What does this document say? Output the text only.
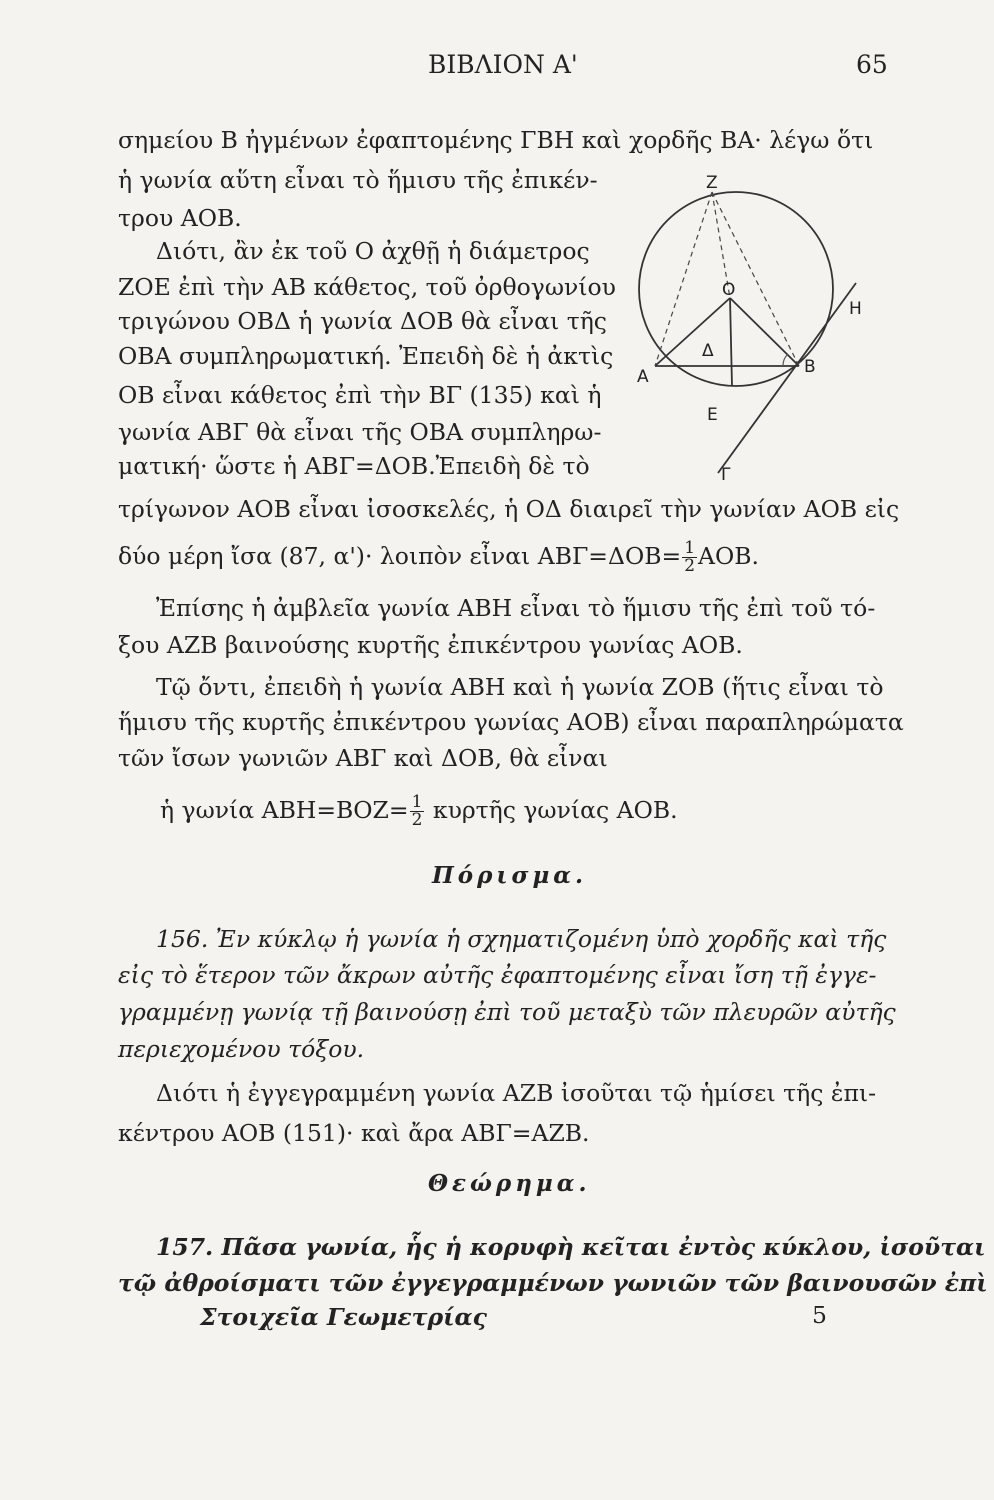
ΒΙΒΛΙΟΝ Α'	65
σημείου Β ἠγμένων ἐφαπτομένης ΓΒΗ καὶ χορδῆς ΒΑ· λέγω ὅτι
ἡ γωνία αὕτη εἶναι τὸ ἥμισυ τῆς ἐπικέν-
τρου ΑΟΒ.
Διότι, ἂν ἐκ τοῦ Ο ἀχθῇ ἡ διάμετρος
ΖΟΕ ἐπὶ τὴν ΑΒ κάθετος, τοῦ ὀρθογωνίου
τριγώνου ΟΒΔ ἡ γωνία ΔΟΒ θὰ εἶναι τῆς
ΟΒΑ συμπληρωματική. Ἐπειδὴ δὲ ἡ ἀκτὶς
ΟΒ εἶναι κάθετος ἐπὶ τὴν ΒΓ (135) καὶ ἡ
γωνία ΑΒΓ θὰ εἶναι τῆς ΟΒΑ συμπληρω-
ματική· ὥστε ἡ ΑΒΓ=ΔΟΒ.Ἐπειδὴ δὲ τὸ
τρίγωνον ΑΟΒ εἶναι ἰσοσκελές, ἡ ΟΔ διαιρεῖ τὴν γωνίαν ΑΟΒ εἰς
δύο μέρη ἴσα (87, α')· λοιπὸν εἶναι $AB\Gamma=\Delta OB= \frac{1}{2} AOB$.
Ἐπίσης ἡ ἀμβλεῖα γωνία ΑΒΗ εἶναι τὸ ἥμισυ τῆς ἐπὶ τοῦ τό-
ξου ΑΖΒ βαινούσης κυρτῆς ἐπικέντρου γωνίας ΑΟΒ.
Τῷ ὄντι, ἐπειδὴ ἡ γωνία ΑΒΗ καὶ ἡ γωνία ΖΟΒ (ἥτις εἶναι τὸ
ἥμισυ τῆς κυρτῆς ἐπικέντρου γωνίας ΑΟΒ) εἶναι παραπληρώματα
τῶν ἴσων γωνιῶν ΑΒΓ καὶ ΔΟΒ, θὰ εἶναι
ἡ γωνία $ABH=BOZ= \frac{1}{2}$ κυρτῆς γωνίας ΑΟΒ.
Πόρισμα.
156. Ἐν κύκλῳ ἡ γωνία ἡ σχηματιζομένη ὑπὸ χορδῆς καὶ τῆς
εἰς τὸ ἕτερον τῶν ἄκρων αὐτῆς ἐφαπτομένης εἶναι ἴση τῇ ἐγγε-
γραμμένῃ γωνίᾳ τῇ βαινούσῃ ἐπὶ τοῦ μεταξὺ τῶν πλευρῶν αὐτῆς
περιεχομένου τόξου.
Διότι ἡ ἐγγεγραμμένη γωνία ΑΖΒ ἰσοῦται τῷ ἡμίσει τῆς ἐπι-
κέντρου ΑΟΒ (151)· καὶ ἄρα ΑΒΓ=ΑΖΒ.
Θεώρημα.
157. Πᾶσα γωνία, ἧς ἡ κορυφὴ κεῖται ἐντὸς κύκλου, ἰσοῦται
τῷ ἀθροίσματι τῶν ἐγγεγραμμένων γωνιῶν τῶν βαινουσῶν ἐπὶ
Στοιχεῖα Γεωμετρίας	5
Z
O
H
Δ
A	B
E
Γ
